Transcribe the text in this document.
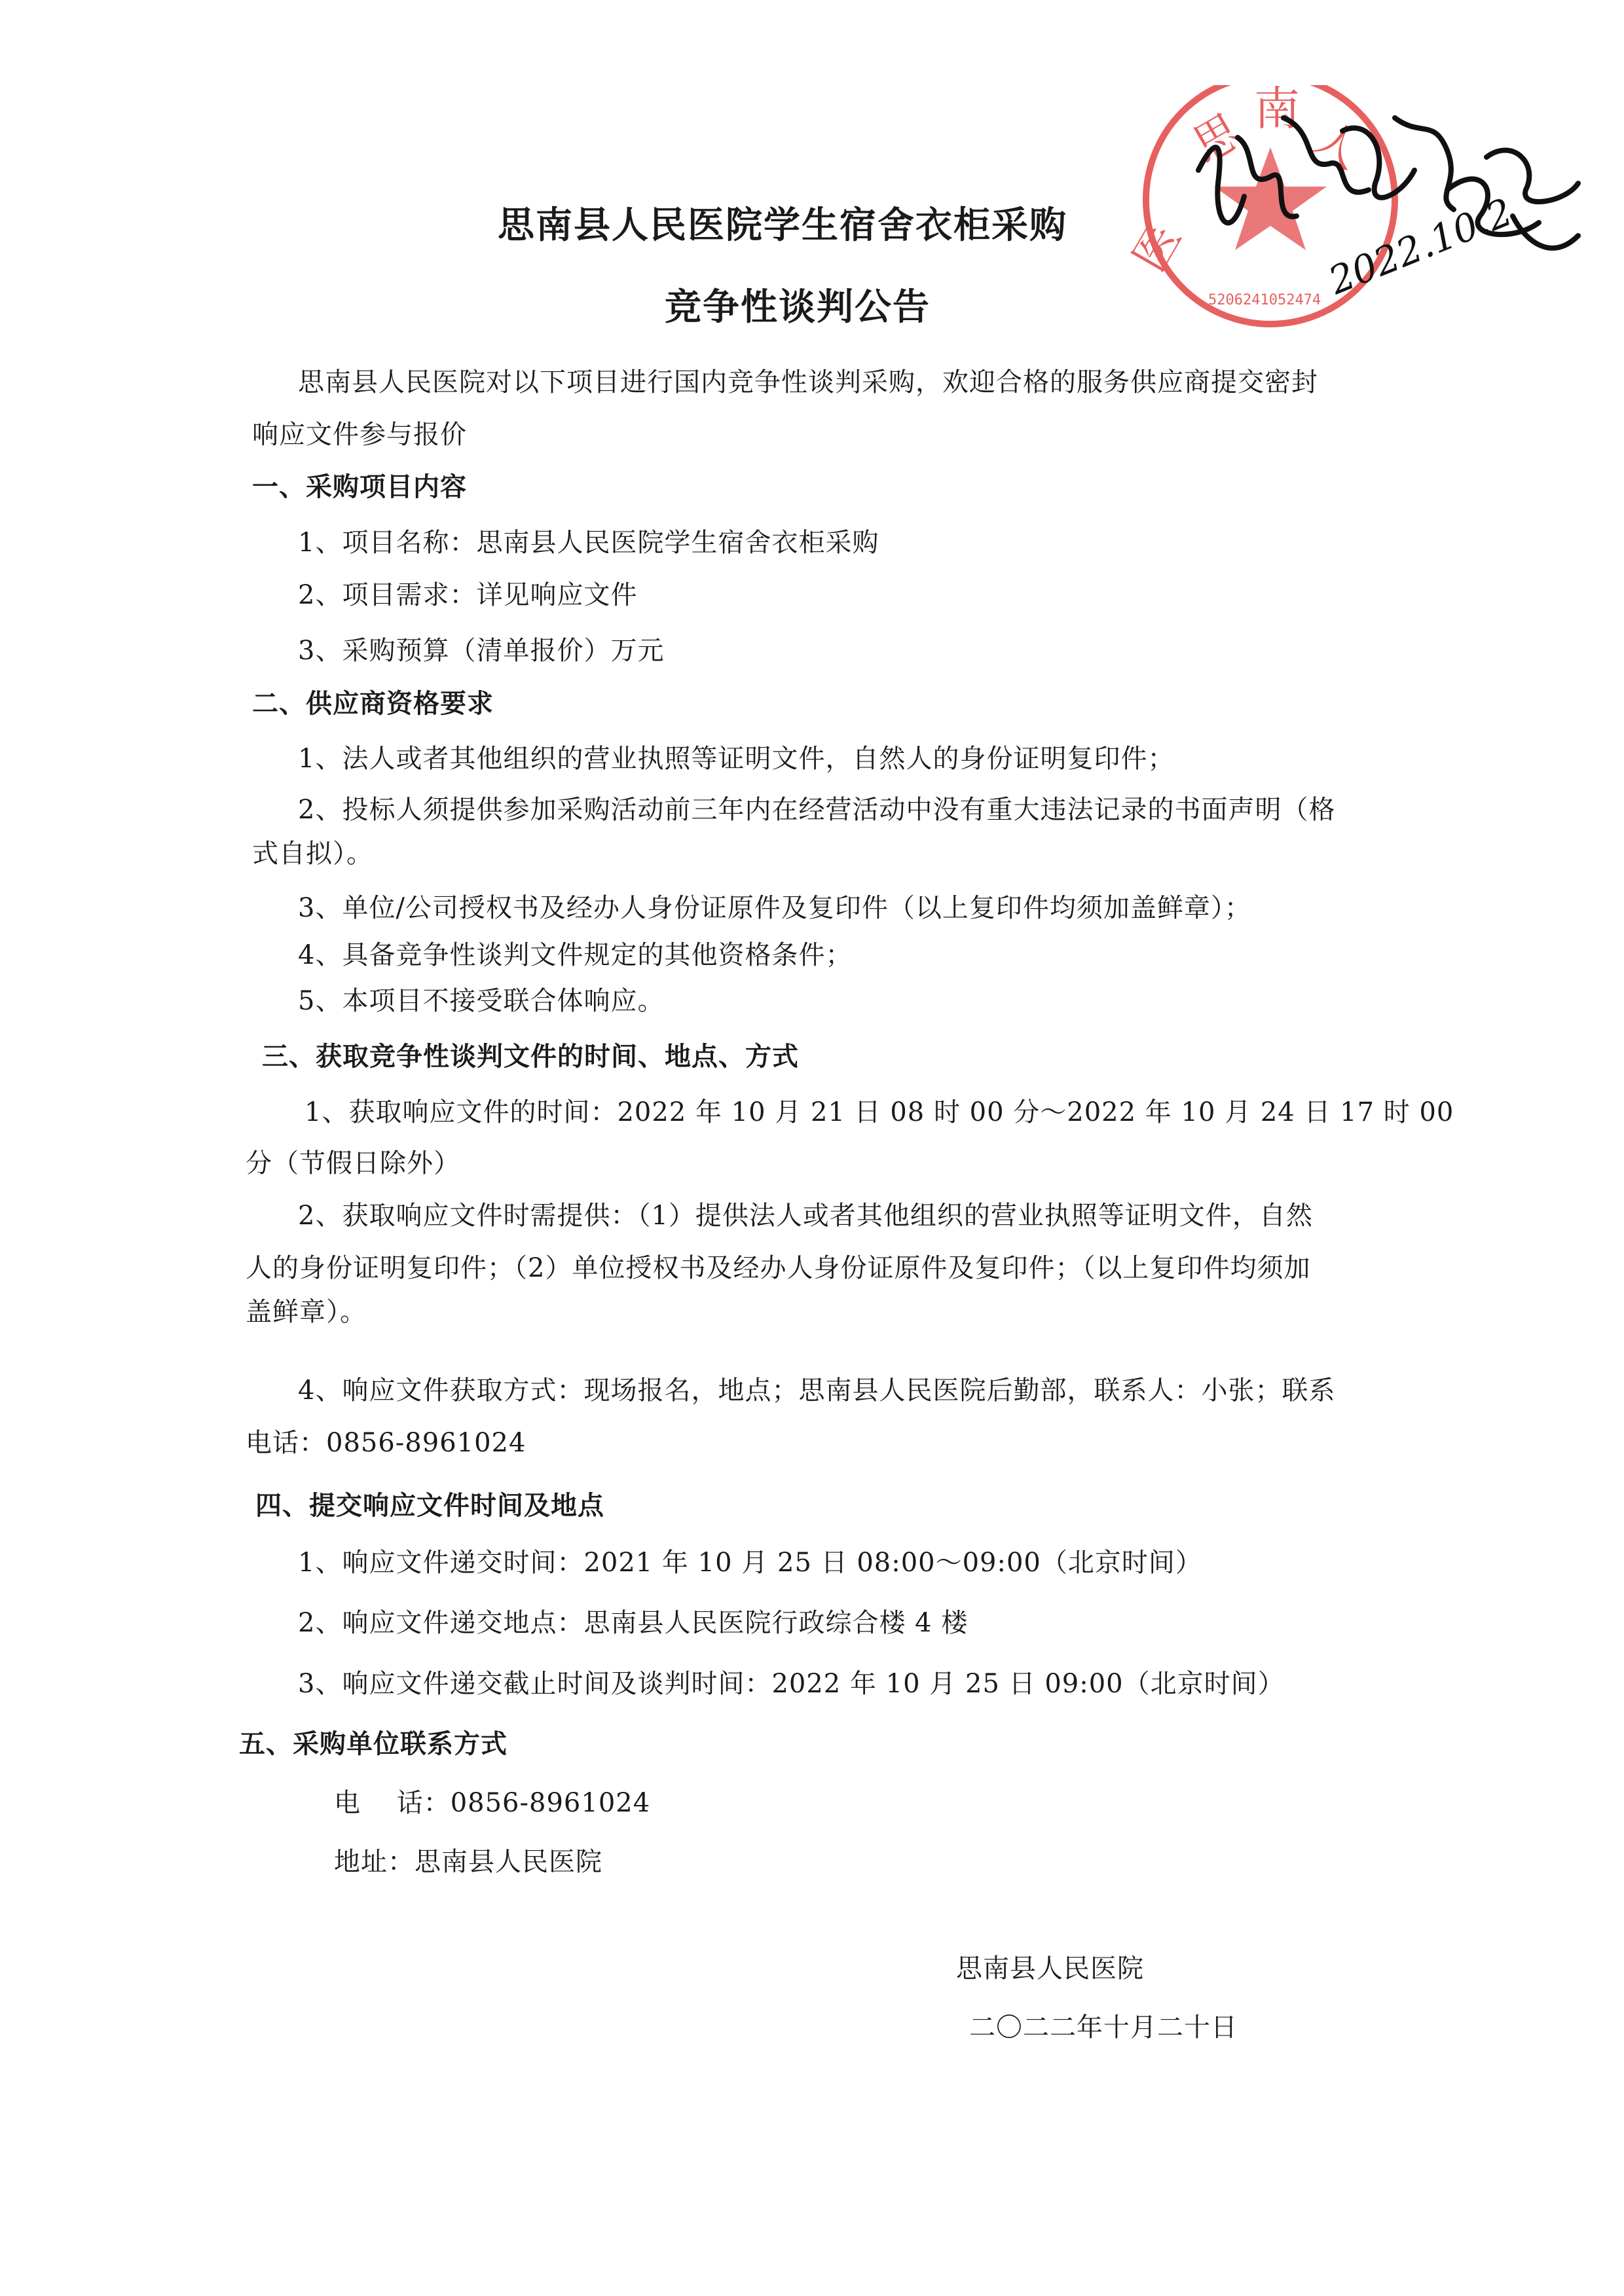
思 南
人
医
5206241052474 2022.10.2
思南县人民医院学生宿舍衣柜采购
竞争性谈判公告
思南县人民医院对以下项目进行国内竞争性谈判采购，欢迎合格的服务供应商提交密封
响应文件参与报价
一、采购项目内容
1、项目名称：思南县人民医院学生宿舍衣柜采购
2、项目需求：详见响应文件
3、采购预算（清单报价）万元
二、供应商资格要求
1、法人或者其他组织的营业执照等证明文件，自然人的身份证明复印件；
2、投标人须提供参加采购活动前三年内在经营活动中没有重大违法记录的书面声明（格
式自拟）。
3、单位/公司授权书及经办人身份证原件及复印件（以上复印件均须加盖鲜章）；
4、具备竞争性谈判文件规定的其他资格条件；
5、本项目不接受联合体响应。
三、获取竞争性谈判文件的时间、地点、方式
1、获取响应文件的时间：2022 年 10 月 21 日 08 时 00 分～2022 年 10 月 24 日 17 时 00
分（节假日除外）
2、获取响应文件时需提供：（1）提供法人或者其他组织的营业执照等证明文件，自然
人的身份证明复印件；（2）单位授权书及经办人身份证原件及复印件；（以上复印件均须加
盖鲜章）。
4、响应文件获取方式：现场报名，地点；思南县人民医院后勤部，联系人：小张；联系
电话：0856-8961024
四、提交响应文件时间及地点
1、响应文件递交时间：2021 年 10 月 25 日 08:00～09:00（北京时间）
2、响应文件递交地点：思南县人民医院行政综合楼 4 楼
3、响应文件递交截止时间及谈判时间：2022 年 10 月 25 日 09:00（北京时间）
五、采购单位联系方式
电　 话：0856-8961024
地址：思南县人民医院
思南县人民医院
二〇二二年十月二十日
